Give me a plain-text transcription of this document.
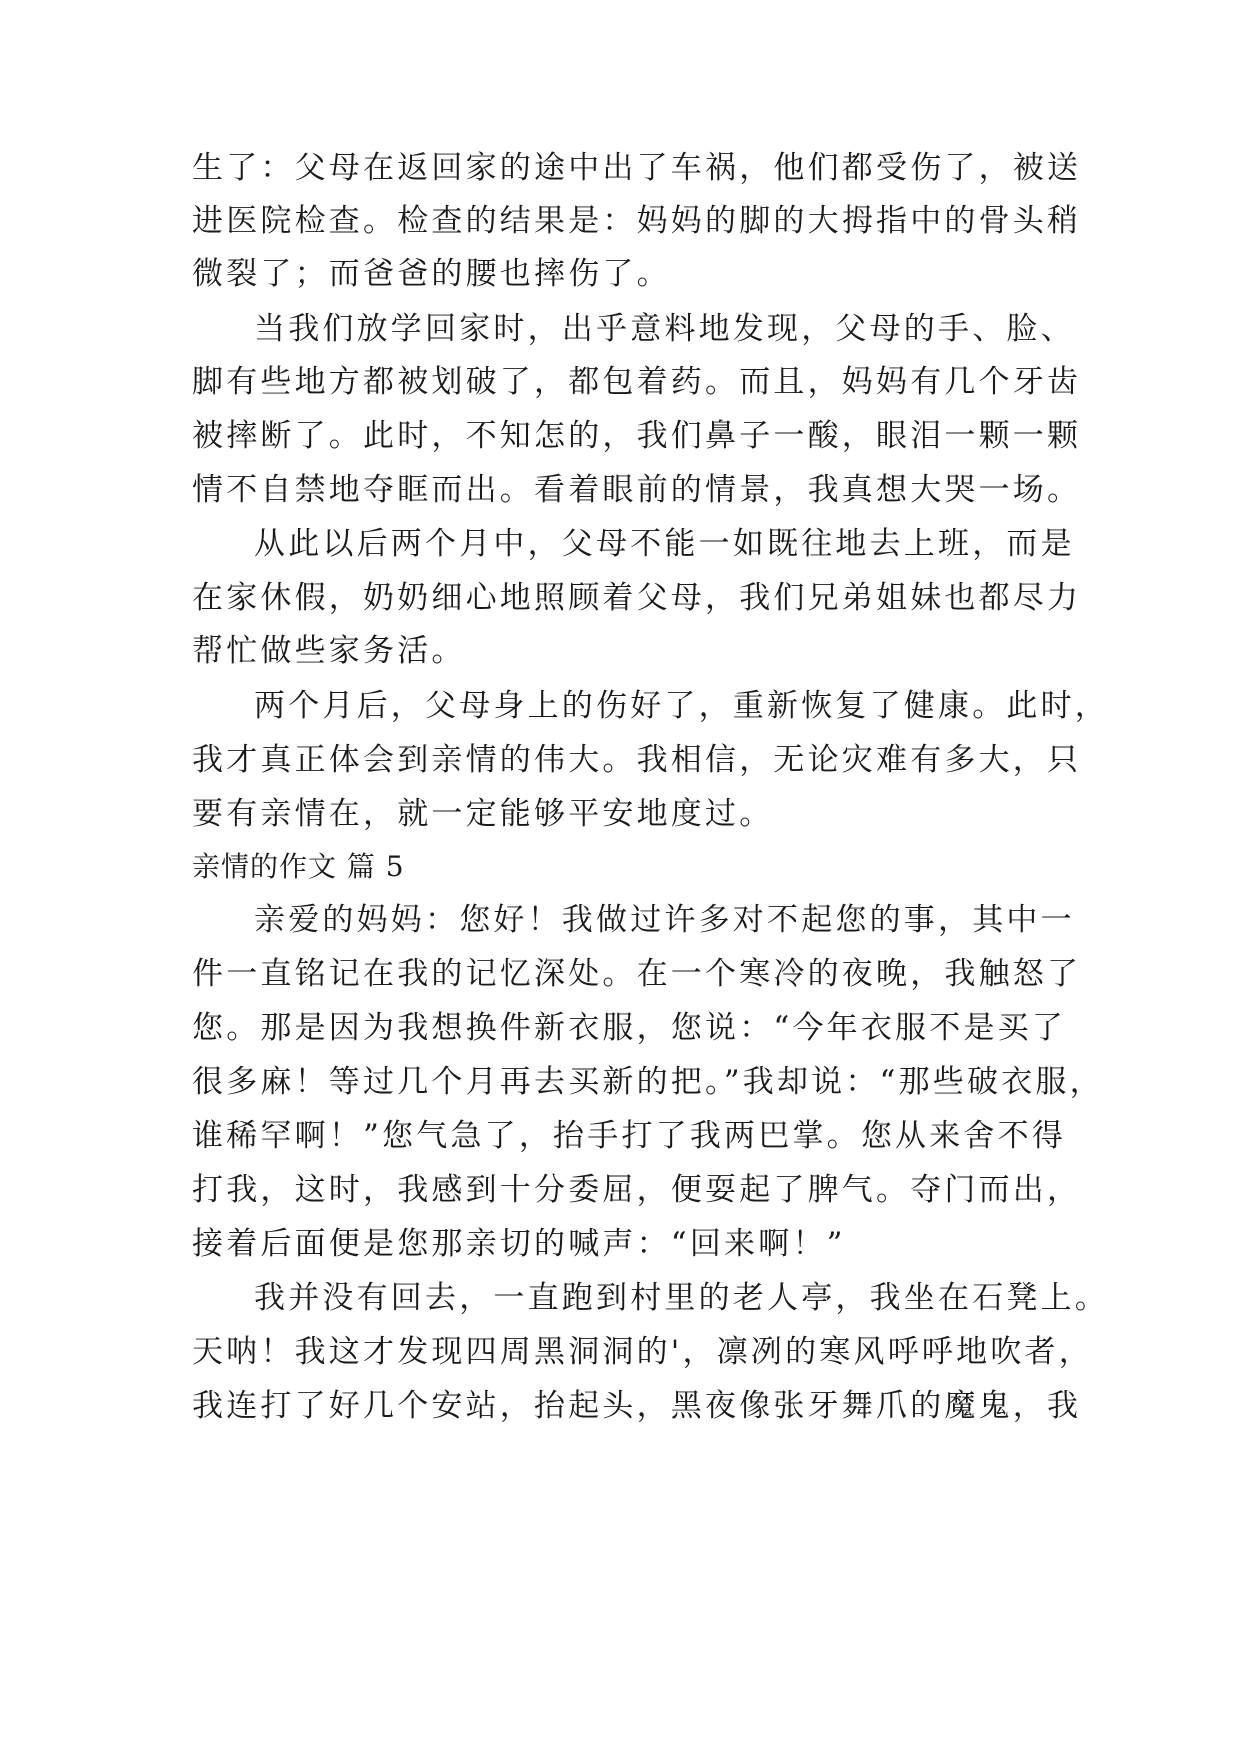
生了：父母在返回家的途中出了车祸，他们都受伤了，被送
进医院检查。检查的结果是：妈妈的脚的大拇指中的骨头稍
微裂了；而爸爸的腰也摔伤了。
当我们放学回家时，出乎意料地发现，父母的手、脸、
脚有些地方都被划破了，都包着药。而且，妈妈有几个牙齿
被摔断了。此时，不知怎的，我们鼻子一酸，眼泪一颗一颗
情不自禁地夺眶而出。看着眼前的情景，我真想大哭一场。
从此以后两个月中，父母不能一如既往地去上班，而是
在家休假，奶奶细心地照顾着父母，我们兄弟姐妹也都尽力
帮忙做些家务活。
两个月后，父母身上的伤好了，重新恢复了健康。此时，
我才真正体会到亲情的伟大。我相信，无论灾难有多大，只
要有亲情在，就一定能够平安地度过。
亲情的作文 篇 5
亲爱的妈妈：您好！我做过许多对不起您的事，其中一
件一直铭记在我的记忆深处。在一个寒冷的夜晚，我触怒了
您。那是因为我想换件新衣服，您说：“今年衣服不是买了
很多麻！等过几个月再去买新的把。”我却说：“那些破衣服，
谁稀罕啊！”您气急了，抬手打了我两巴掌。您从来舍不得
打我，这时，我感到十分委屈，便耍起了脾气。夺门而出，
接着后面便是您那亲切的喊声：“回来啊！”
我并没有回去，一直跑到村里的老人亭，我坐在石凳上。
天呐！我这才发现四周黑洞洞的'，凛冽的寒风呼呼地吹者，
我连打了好几个安站，抬起头，黑夜像张牙舞爪的魔鬼，我
